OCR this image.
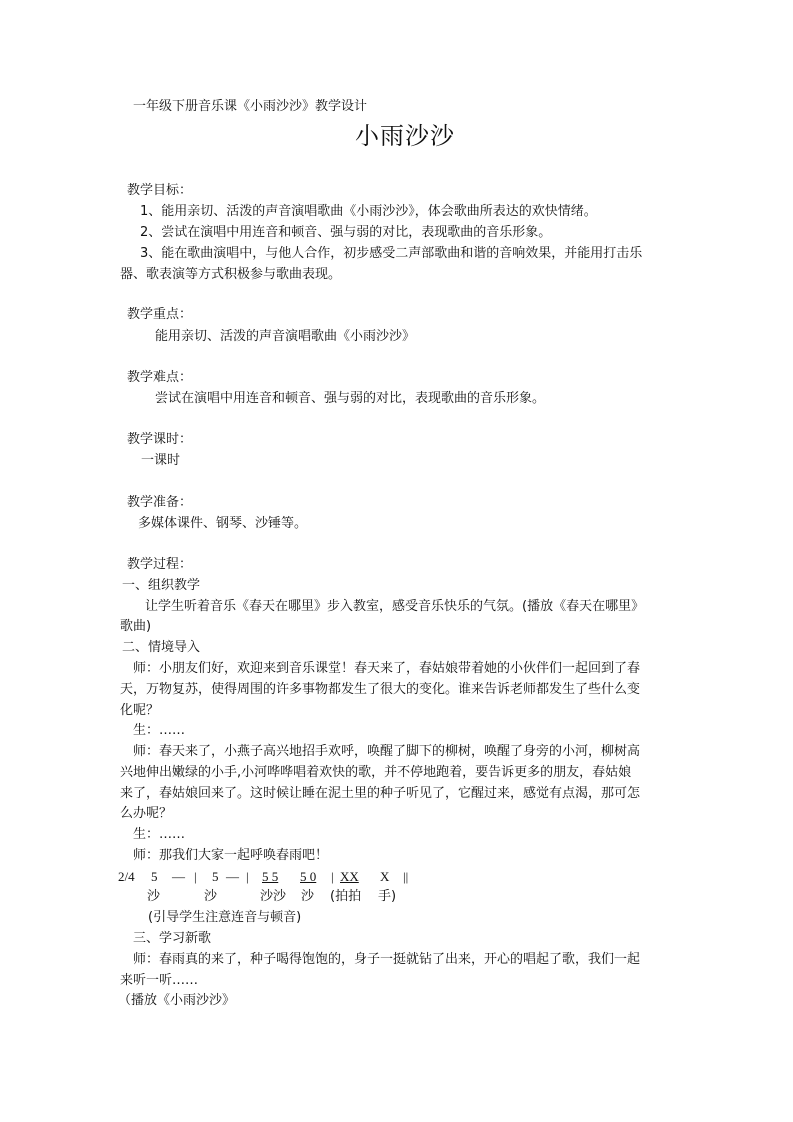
一年级下册音乐课《小雨沙沙》教学设计
小雨沙沙
教学目标：
1、能用亲切、活泼的声音演唱歌曲《小雨沙沙》，体会歌曲所表达的欢快情绪。
2、尝试在演唱中用连音和顿音、强与弱的对比，表现歌曲的音乐形象。
3、能在歌曲演唱中，与他人合作，初步感受二声部歌曲和谐的音响效果，并能用打击乐
器、歌表演等方式积极参与歌曲表现。
教学重点：
能用亲切、活泼的声音演唱歌曲《小雨沙沙》
教学难点：
尝试在演唱中用连音和顿音、强与弱的对比，表现歌曲的音乐形象。
教学课时：
一课时
教学准备：
多媒体课件、钢琴、沙锤等。
教学过程：
一、组织教学
让学生听着音乐《春天在哪里》步入教室，感受音乐快乐的气氛。(播放《春天在哪里》
歌曲)
二、情境导入
师：小朋友们好，欢迎来到音乐课堂！春天来了，春姑娘带着她的小伙伴们一起回到了春
天，万物复苏，使得周围的许多事物都发生了很大的变化。谁来告诉老师都发生了些什么变
化呢？
生：……
师：春天来了，小燕子高兴地招手欢呼，唤醒了脚下的柳树，唤醒了身旁的小河，柳树高
兴地伸出嫩绿的小手,小河哗哗唱着欢快的歌，并不停地跑着，要告诉更多的朋友，春姑娘
来了，春姑娘回来了。这时候让睡在泥土里的种子听见了，它醒过来，感觉有点渴，那可怎
么办呢？
生：……
师：那我们大家一起呼唤春雨吧！
2/4 5 — | 5 — | 5 5 5 0 | XX X ||
沙	沙	沙沙 沙 (拍拍 手)
(引导学生注意连音与顿音)
三、学习新歌
师：春雨真的来了，种子喝得饱饱的，身子一挺就钻了出来，开心的唱起了歌，我们一起
来听一听……
（播放《小雨沙沙》
